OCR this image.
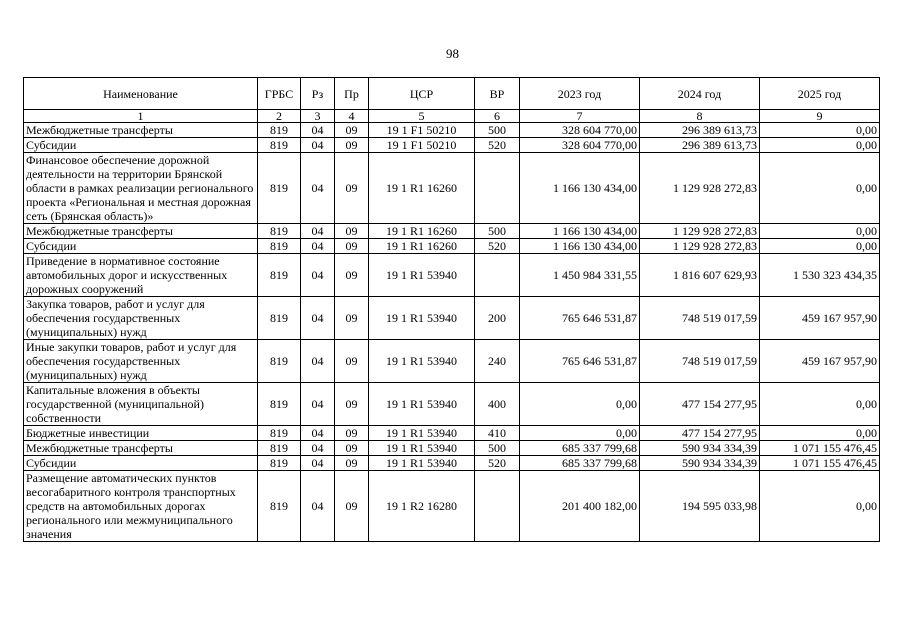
98
Наименование	ГРБС	Рз	Пр	ЦСР	ВР	2023 год	2024 год	2025 год
1	2	3	4	5	6	7	8	9
Межбюджетные трансферты	819	04	09	19 1 F1 50210	500	328 604 770,00	296 389 613,73	0,00
Субсидии	819	04	09	19 1 F1 50210	520	328 604 770,00	296 389 613,73	0,00
Финансовое обеспечение дорожной деятельности на территории Брянской области в рамках реализации регионального проекта «Региональная и местная дорожная сеть (Брянская область)»	819	04	09	19 1 R1 16260		1 166 130 434,00	1 129 928 272,83	0,00
Межбюджетные трансферты	819	04	09	19 1 R1 16260	500	1 166 130 434,00	1 129 928 272,83	0,00
Субсидии	819	04	09	19 1 R1 16260	520	1 166 130 434,00	1 129 928 272,83	0,00
Приведение в нормативное состояние автомобильных дорог и искусственных дорожных сооружений	819	04	09	19 1 R1 53940		1 450 984 331,55	1 816 607 629,93	1 530 323 434,35
Закупка товаров, работ и услуг для обеспечения государственных (муниципальных) нужд	819	04	09	19 1 R1 53940	200	765 646 531,87	748 519 017,59	459 167 957,90
Иные закупки товаров, работ и услуг для обеспечения государственных (муниципальных) нужд	819	04	09	19 1 R1 53940	240	765 646 531,87	748 519 017,59	459 167 957,90
Капитальные вложения в объекты государственной (муниципальной) собственности	819	04	09	19 1 R1 53940	400	0,00	477 154 277,95	0,00
Бюджетные инвестиции	819	04	09	19 1 R1 53940	410	0,00	477 154 277,95	0,00
Межбюджетные трансферты	819	04	09	19 1 R1 53940	500	685 337 799,68	590 934 334,39	1 071 155 476,45
Субсидии	819	04	09	19 1 R1 53940	520	685 337 799,68	590 934 334,39	1 071 155 476,45
Размещение автоматических пунктов весогабаритного контроля транспортных средств на автомобильных дорогах регионального или межмуниципального значения	819	04	09	19 1 R2 16280		201 400 182,00	194 595 033,98	0,00
